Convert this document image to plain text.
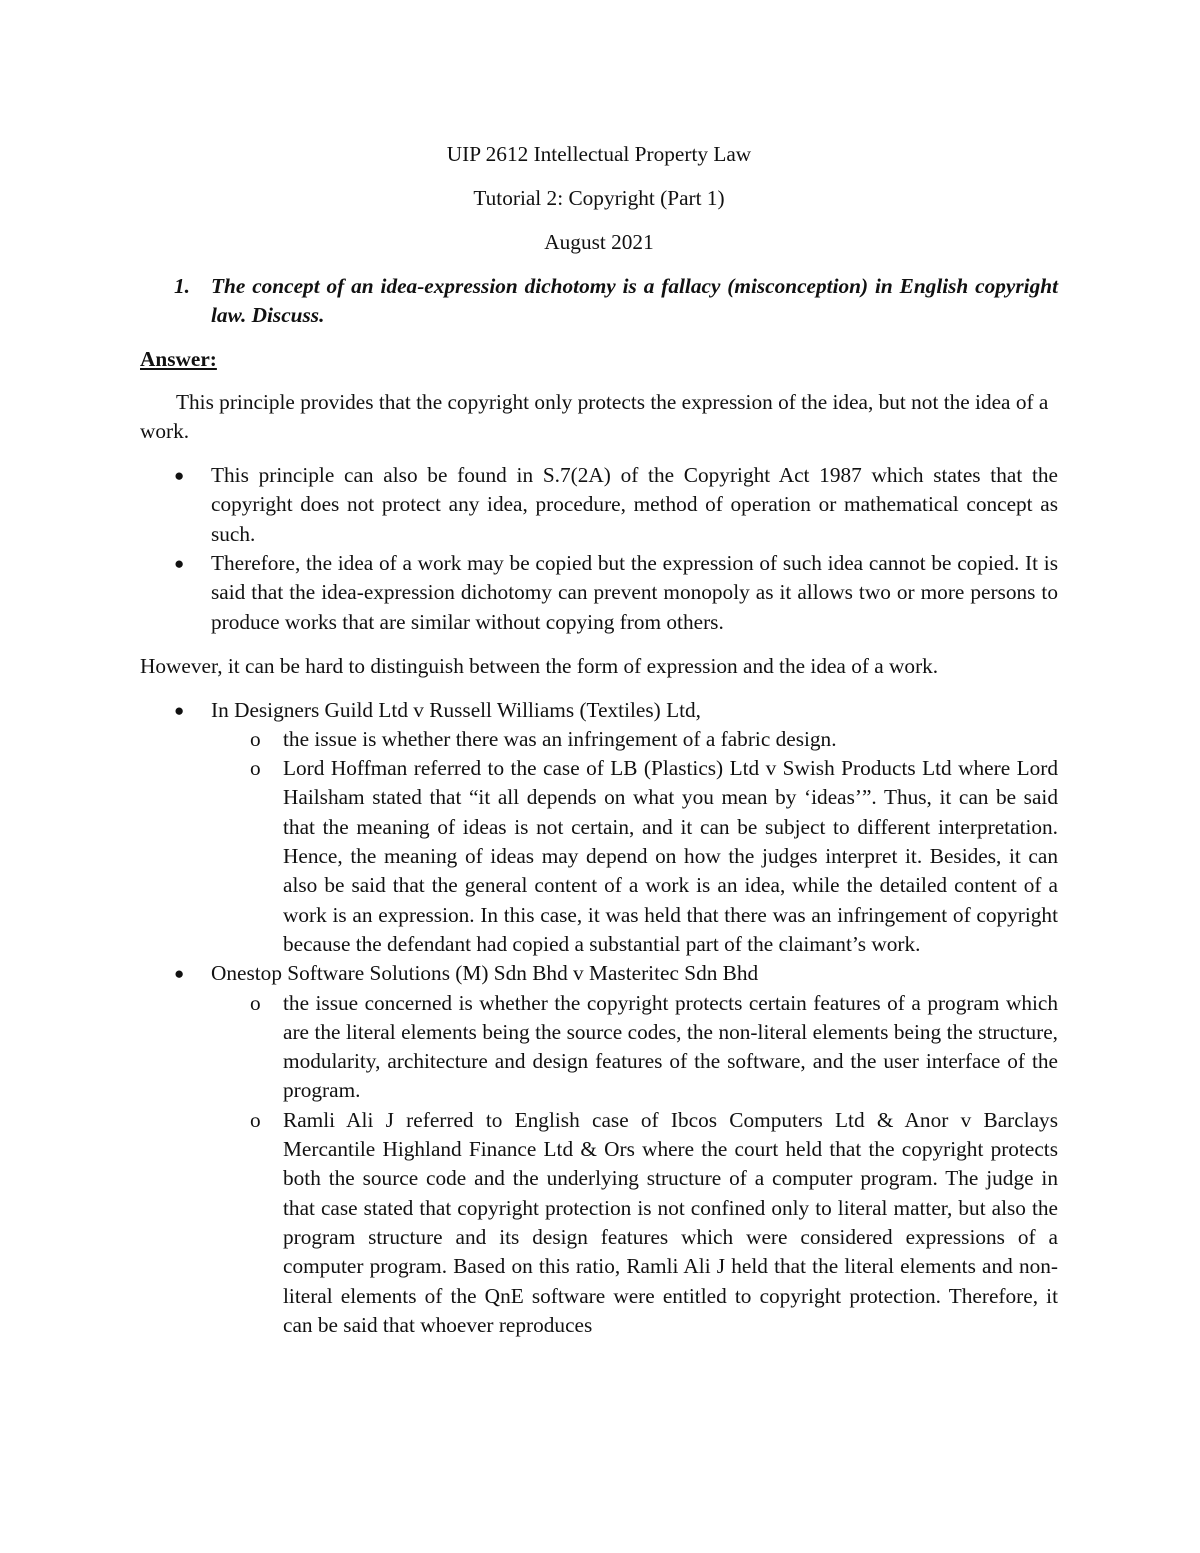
UIP 2612 Intellectual Property Law

Tutorial 2: Copyright (Part 1)

August 2021

1. The concept of an idea-expression dichotomy is a fallacy (misconception) in English copyright law. Discuss.

Answer:

This principle provides that the copyright only protects the expression of the idea, but not the idea of a work.

● This principle can also be found in S.7(2A) of the Copyright Act 1987 which states that the copyright does not protect any idea, procedure, method of operation or mathematical concept as such.
● Therefore, the idea of a work may be copied but the expression of such idea cannot be copied. It is said that the idea-expression dichotomy can prevent monopoly as it allows two or more persons to produce works that are similar without copying from others.

However, it can be hard to distinguish between the form of expression and the idea of a work.

● In Designers Guild Ltd v Russell Williams (Textiles) Ltd,
o the issue is whether there was an infringement of a fabric design.
o Lord Hoffman referred to the case of LB (Plastics) Ltd v Swish Products Ltd where Lord Hailsham stated that “it all depends on what you mean by ‘ideas’”. Thus, it can be said that the meaning of ideas is not certain, and it can be subject to different interpretation. Hence, the meaning of ideas may depend on how the judges interpret it. Besides, it can also be said that the general content of a work is an idea, while the detailed content of a work is an expression. In this case, it was held that there was an infringement of copyright because the defendant had copied a substantial part of the claimant’s work.
● Onestop Software Solutions (M) Sdn Bhd v Masteritec Sdn Bhd
o the issue concerned is whether the copyright protects certain features of a program which are the literal elements being the source codes, the non-literal elements being the structure, modularity, architecture and design features of the software, and the user interface of the program.
o Ramli Ali J referred to English case of Ibcos Computers Ltd & Anor v Barclays Mercantile Highland Finance Ltd & Ors where the court held that the copyright protects both the source code and the underlying structure of a computer program. The judge in that case stated that copyright protection is not confined only to literal matter, but also the program structure and its design features which were considered expressions of a computer program. Based on this ratio, Ramli Ali J held that the literal elements and non-literal elements of the QnE software were entitled to copyright protection. Therefore, it can be said that whoever reproduces
